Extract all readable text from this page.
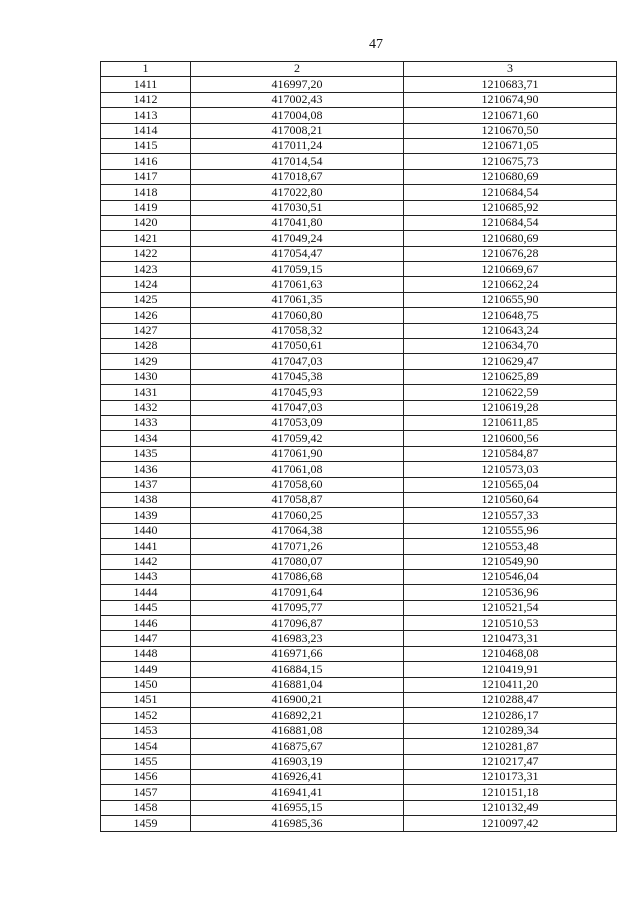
47
1	2	3
1411	416997,20	1210683,71
1412	417002,43	1210674,90
1413	417004,08	1210671,60
1414	417008,21	1210670,50
1415	417011,24	1210671,05
1416	417014,54	1210675,73
1417	417018,67	1210680,69
1418	417022,80	1210684,54
1419	417030,51	1210685,92
1420	417041,80	1210684,54
1421	417049,24	1210680,69
1422	417054,47	1210676,28
1423	417059,15	1210669,67
1424	417061,63	1210662,24
1425	417061,35	1210655,90
1426	417060,80	1210648,75
1427	417058,32	1210643,24
1428	417050,61	1210634,70
1429	417047,03	1210629,47
1430	417045,38	1210625,89
1431	417045,93	1210622,59
1432	417047,03	1210619,28
1433	417053,09	1210611,85
1434	417059,42	1210600,56
1435	417061,90	1210584,87
1436	417061,08	1210573,03
1437	417058,60	1210565,04
1438	417058,87	1210560,64
1439	417060,25	1210557,33
1440	417064,38	1210555,96
1441	417071,26	1210553,48
1442	417080,07	1210549,90
1443	417086,68	1210546,04
1444	417091,64	1210536,96
1445	417095,77	1210521,54
1446	417096,87	1210510,53
1447	416983,23	1210473,31
1448	416971,66	1210468,08
1449	416884,15	1210419,91
1450	416881,04	1210411,20
1451	416900,21	1210288,47
1452	416892,21	1210286,17
1453	416881,08	1210289,34
1454	416875,67	1210281,87
1455	416903,19	1210217,47
1456	416926,41	1210173,31
1457	416941,41	1210151,18
1458	416955,15	1210132,49
1459	416985,36	1210097,42
